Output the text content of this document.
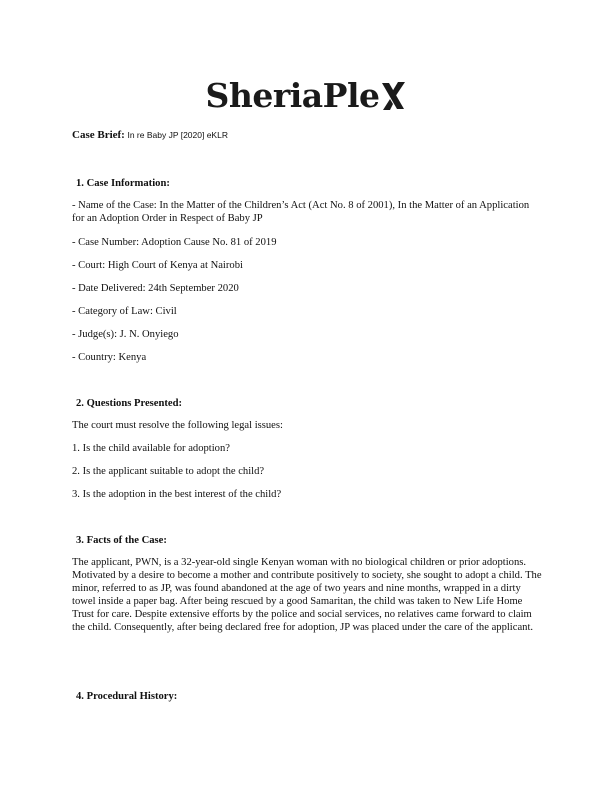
SheriaPle
Case Brief: In re Baby JP [2020] eKLR
1. Case Information:

- Name of the Case: In the Matter of the Children’s Act (Act No. 8 of 2001), In the Matter of an Application for an Adoption Order in Respect of Baby JP

- Case Number: Adoption Cause No. 81 of 2019

- Court: High Court of Kenya at Nairobi

- Date Delivered: 24th September 2020

- Category of Law: Civil

- Judge(s): J. N. Onyiego

- Country: Kenya

2. Questions Presented:

The court must resolve the following legal issues:

1. Is the child available for adoption?

2. Is the applicant suitable to adopt the child?

3. Is the adoption in the best interest of the child?

3. Facts of the Case:

The applicant, PWN, is a 32-year-old single Kenyan woman with no biological children or prior adoptions. Motivated by a desire to become a mother and contribute positively to society, she sought to adopt a child. The minor, referred to as JP, was found abandoned at the age of two years and nine months, wrapped in a dirty towel inside a paper bag. After being rescued by a good Samaritan, the child was taken to New Life Home Trust for care. Despite extensive efforts by the police and social services, no relatives came forward to claim the child. Consequently, after being declared free for adoption, JP was placed under the care of the applicant.

4. Procedural History:
